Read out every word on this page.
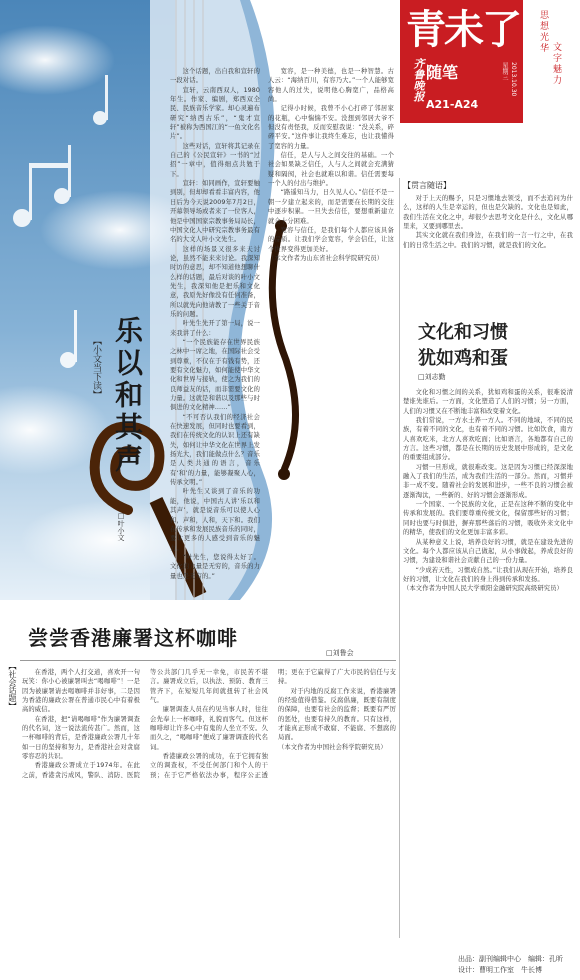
这个话题，出自我和宣轩的一段对话。

宣轩，云南西双人，1980年生。作家、编剧，郑西双全民、民族音乐学家。却心灵遍布研究“纳西古乐”，“鬼才宣轩”被称为西国江的“一鱼文化名片”。

这些对话，宣轩将其记录在自己的《公民宣轩》一书的“过招”一章中，值得细点共勉于下。

宣轩：如同画作，宣轩要触到别，但却却看看丰富内容，他日后为今天说2009年7月2日，开幕领导场或者来了一位客人，他是中国国家宗教事务局局长，中国文化人中研究宗教事务最有名的大文人叶小文先生。

这样的场景又很多来天讨论，虽然不能来来讨论。我深知时访的意思，却不知道他想聊什么样的话题，最后对谈的叶小文先生，我深知他是把乐和文化意，我原先好像没有任何准备，所以就先向他请教了一些关于音乐的问题。

叶先生先开了第一局，说一来我讲了什么：

“一个民族能存在世界民族之林中一席之地，在国际社会受到尊重，不仅在于有钱有势，还要有文化魅力，如何能使中华文化和世界与接轨，使之为我们的良师益友的话，而非需要文化的力量。这就是和谐以及那些与时俱进的文化精神……”

“不可否认我们的经济社会在快速发展，但同时也要看到，我们在传统文化的认识上还有缺失，如何让中华文化在世界上发扬光大，我们能做点什么？音乐是人类共通的语言，音乐有‘和’的力量，能够凝聚人心，传承文明。”

叶先生又谈到了音乐的功能，他说，中国古人讲‘乐以和其声’，就是说音乐可以使人心和，声和，人和，天下和。我们在传承和发展民族音乐的同时，要让更多的人感受到音乐的魅力。

“叶先生，您说得太好了。文化的力量是无穷的，音乐的力量也是无穷的。”

乐以和其声
【小文当下读】
□叶小文

宽容，是一种美德，也是一种智慧。古人云：“海纳百川，有容乃大。”一个人能够宽容他人的过失，说明他心胸宽广，品格高尚。

记得小时候，我曾不小心打碎了邻居家的花瓶，心中惴惴不安。没想到邻居大爷不但没有责怪我，反而安慰我说：“没关系，碎碎平安。”这件事让我终生难忘，也让我懂得了宽容的力量。

信任，是人与人之间交往的基础。一个社会如果缺乏信任，人与人之间就会充满猜疑和隔阂，社会也就难以和谐。信任需要每一个人的付出与维护。

“路遥知马力，日久见人心。”信任不是一朝一夕建立起来的，而是需要在长期的交往中逐步积累。一旦失去信任，要想重新建立就会十分困难。

宽容与信任，是我们每个人都应该具备的品质。让我们学会宽容，学会信任，让这个世界变得更加美好。

（本文作者为山东省社会科学院研究员）

青未了
齐鲁晚报 随笔
A21-A24
星期三 2013.10.30
思想光华
文字魅力
【贯言随语】

对于上天的赐予，只是习惯地去领受，而不去追问为什么，这样的人生是幸运的，但也是欠缺的。文化也是如此，我们生活在文化之中，却很少去思考文化是什么，文化从哪里来，又要到哪里去。

其实文化就在我们身边，在我们的一言一行之中，在我们的日常生活之中。我们的习惯，就是我们的文化。

文化和习惯
犹如鸡和蛋
□刘志勤

文化和习惯之间的关系，犹如鸡和蛋的关系，很难说清楚谁先谁后。一方面，文化塑造了人们的习惯；另一方面，人们的习惯又在不断地丰富和改变着文化。

我们常说，一方水土养一方人。不同的地域，不同的民族，有着不同的文化，也有着不同的习惯。比如饮食，南方人喜欢吃米，北方人喜欢吃面；比如语言，各地都有自己的方言。这些习惯，都是在长期的历史发展中形成的，是文化的重要组成部分。

习惯一旦形成，就很难改变。这是因为习惯已经深深地融入了我们的生活，成为我们生活的一部分。然而，习惯并非一成不变。随着社会的发展和进步，一些不良的习惯会被逐渐淘汰，一些新的、好的习惯会逐渐形成。

一个国家、一个民族的文化，正是在这种不断的变化中传承和发展的。我们要尊重传统文化，保留那些好的习惯；同时也要与时俱进，摒弃那些落后的习惯，吸收外来文化中的精华，使我们的文化更加丰富多彩。

从某种意义上说，培养良好的习惯，就是在建设先进的文化。每个人都应该从自己做起，从小事做起，养成良好的习惯，为建设和谐社会贡献自己的一份力量。

“少成若天性，习惯成自然。”让我们从现在开始，培养良好的习惯，让文化在我们的身上得到传承和发扬。

（本文作者为中国人民大学重阳金融研究院高级研究员）

尝尝香港廉署这杯咖啡
□刘鲁会
【社会话题】	在香港，两个人打交道，喜欢开一句玩笑：你小心被廉署叫去“喝咖啡”！一是因为被廉署请去喝咖啡并非好事，二是因为香港的廉政公署在普通市民心中有着极高的威信。

在香港，把“请喝咖啡”作为廉署调查的代名词，这一说法流传甚广。然而，这一杯咖啡的背后，是香港廉政公署几十年如一日的坚持和努力，是香港社会对贪腐零容忍的共识。

香港廉政公署成立于1974年。在此之前，香港贪污成风，警队、消防、医院等公共部门几乎无一幸免，市民苦不堪言。廉署成立后，以执法、预防、教育三管齐下，在短短几年间就扭转了社会风气。

廉署调查人员在约见当事人时，往往会先奉上一杯咖啡，礼貌而客气。但这杯咖啡却让许多心中有鬼的人坐立不安。久而久之，“喝咖啡”便成了廉署调查的代名词。

香港廉政公署的成功，在于它拥有独立的调查权，不受任何部门和个人的干预；在于它严格依法办事，程序公正透明；更在于它赢得了广大市民的信任与支持。

对于内地的反腐工作来说，香港廉署的经验值得借鉴。反腐倡廉，既要有制度的保障，也要有社会的监督；既要有严厉的惩处，也要有持久的教育。只有这样，才能真正形成不敢腐、不能腐、不想腐的局面。

（本文作者为中国社会科学院研究员）

出品：副刊编辑中心　编辑：孔昕
设计：曹明工作室　牛长博
